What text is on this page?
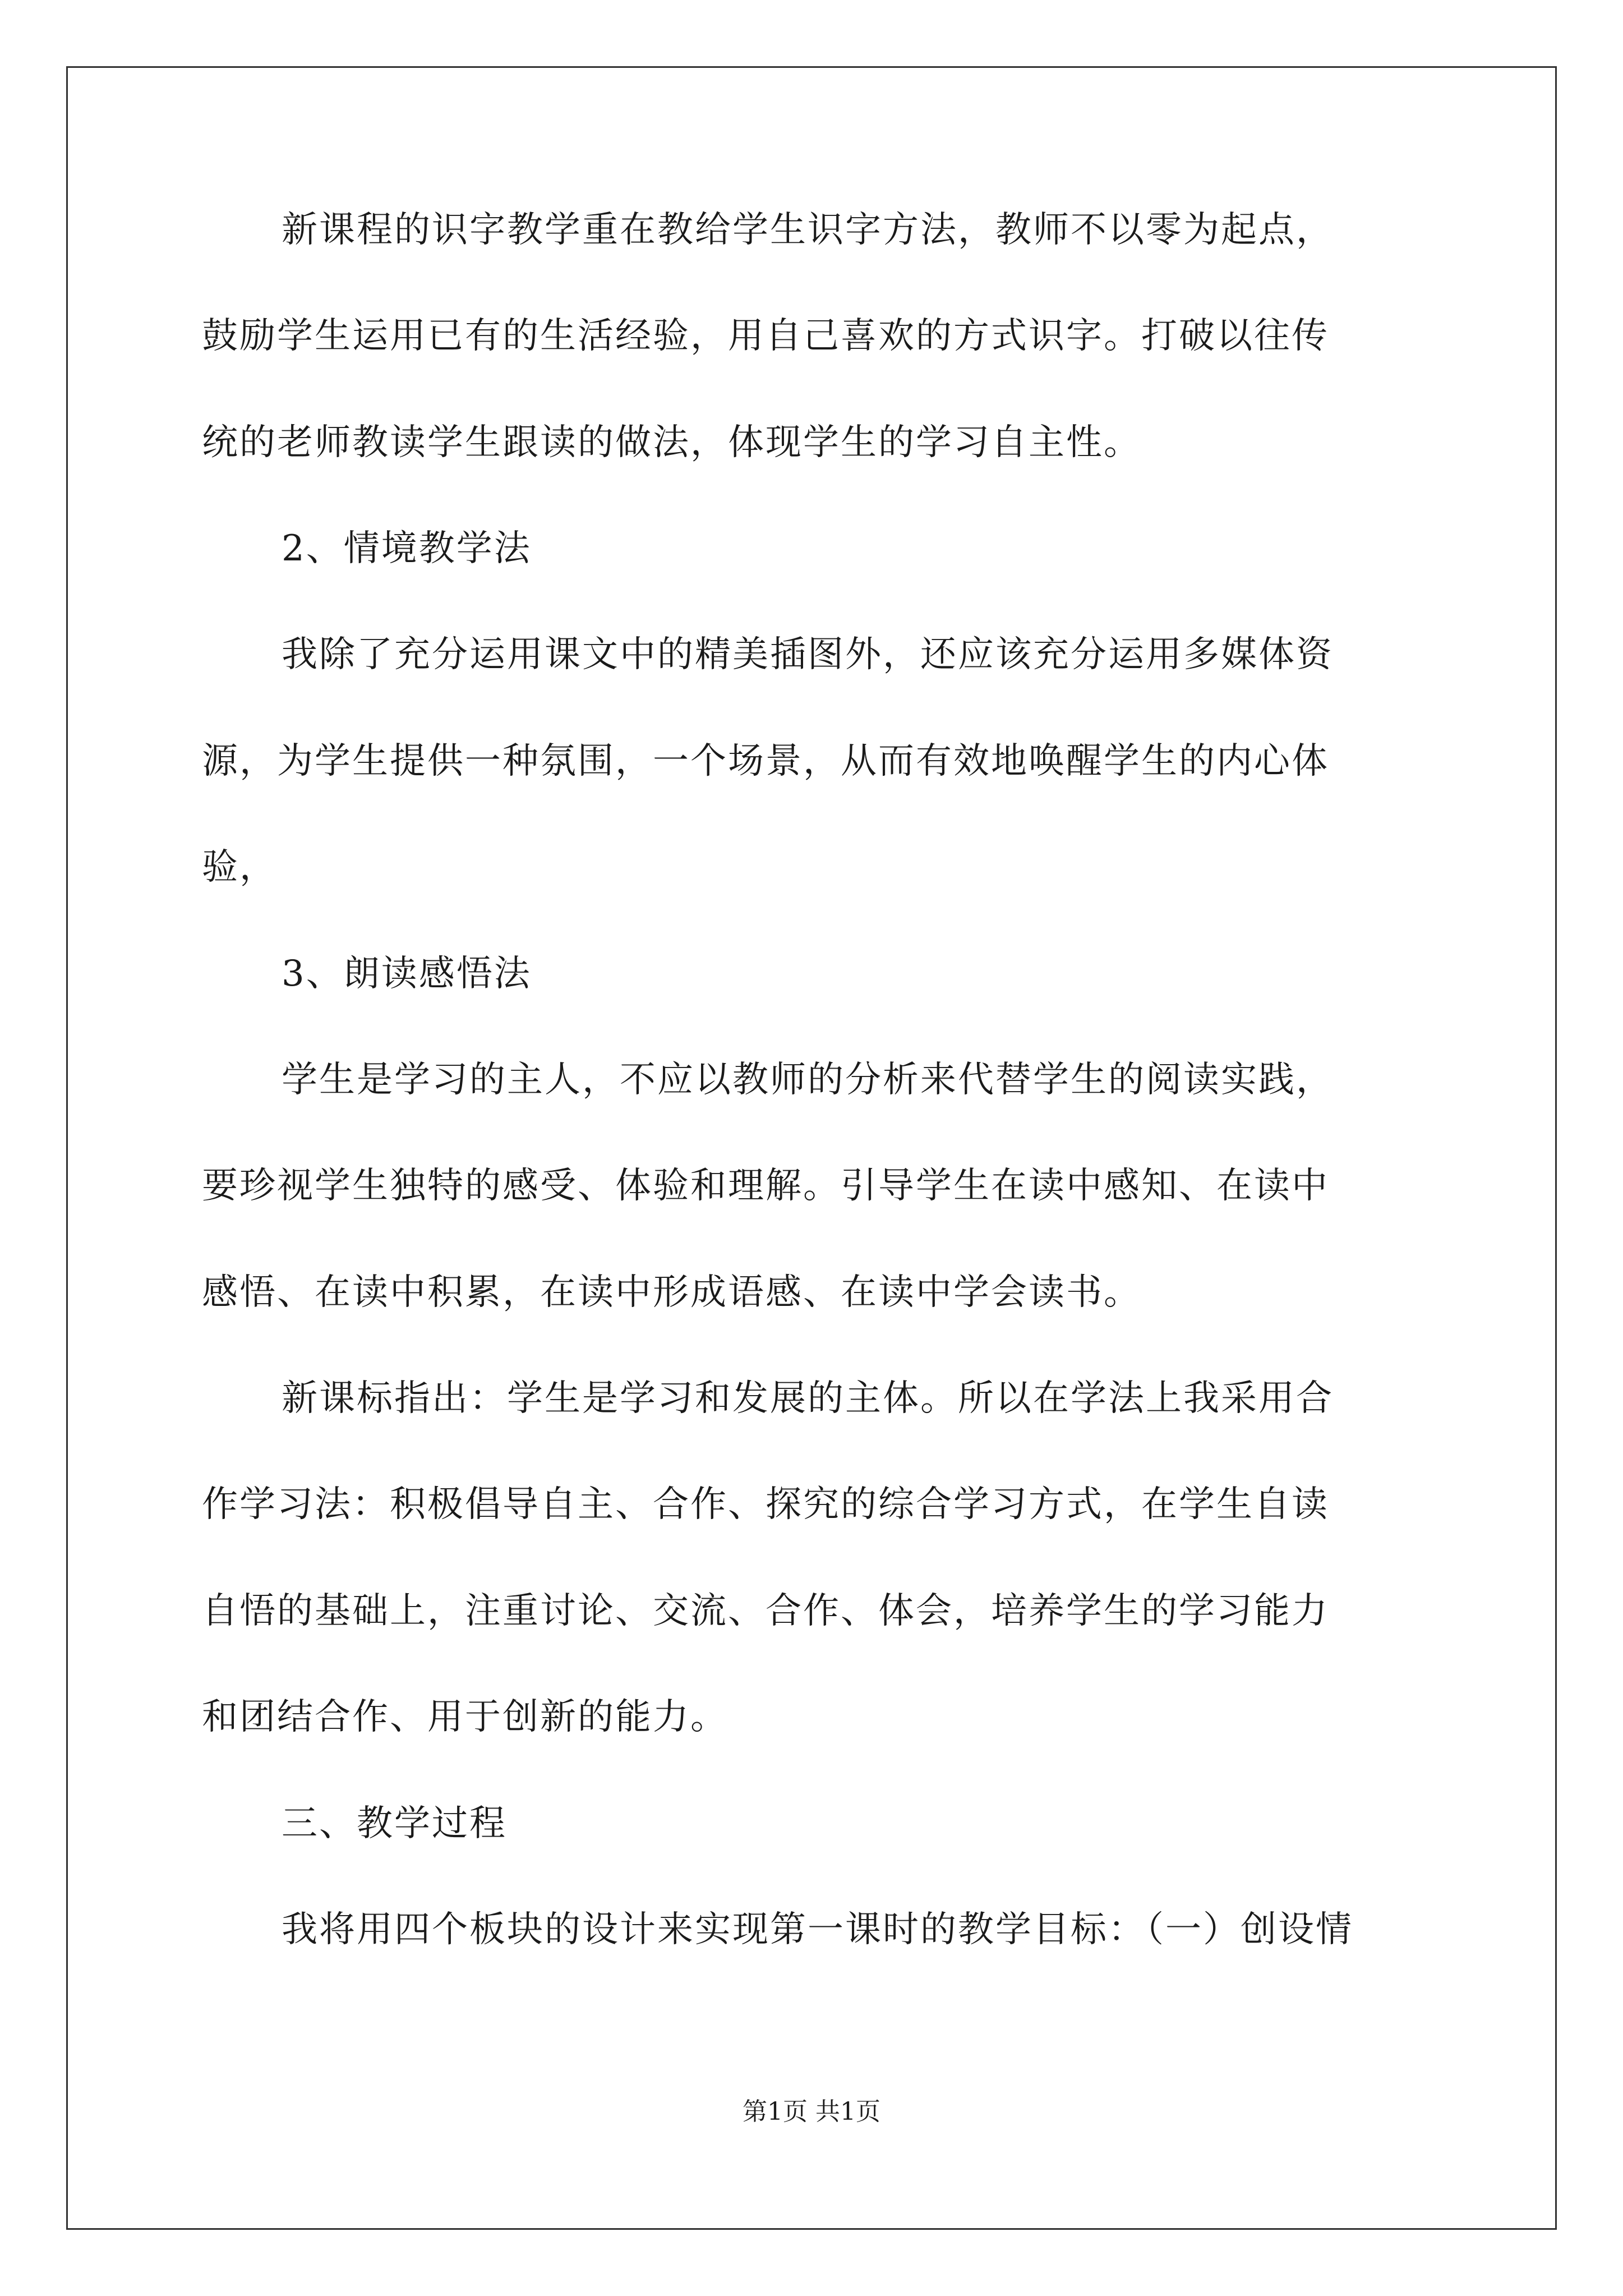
新课程的识字教学重在教给学生识字方法，教师不以零为起点，
鼓励学生运用已有的生活经验，用自己喜欢的方式识字。打破以往传
统的老师教读学生跟读的做法，体现学生的学习自主性。
2、情境教学法
我除了充分运用课文中的精美插图外，还应该充分运用多媒体资
源，为学生提供一种氛围，一个场景，从而有效地唤醒学生的内心体
验，
3、朗读感悟法
学生是学习的主人，不应以教师的分析来代替学生的阅读实践，
要珍视学生独特的感受、体验和理解。引导学生在读中感知、在读中
感悟、在读中积累，在读中形成语感、在读中学会读书。
新课标指出：学生是学习和发展的主体。所以在学法上我采用合
作学习法：积极倡导自主、合作、探究的综合学习方式，在学生自读
自悟的基础上，注重讨论、交流、合作、体会，培养学生的学习能力
和团结合作、用于创新的能力。
三、教学过程
我将用四个板块的设计来实现第一课时的教学目标：（一）创设情
第1页 共1页
